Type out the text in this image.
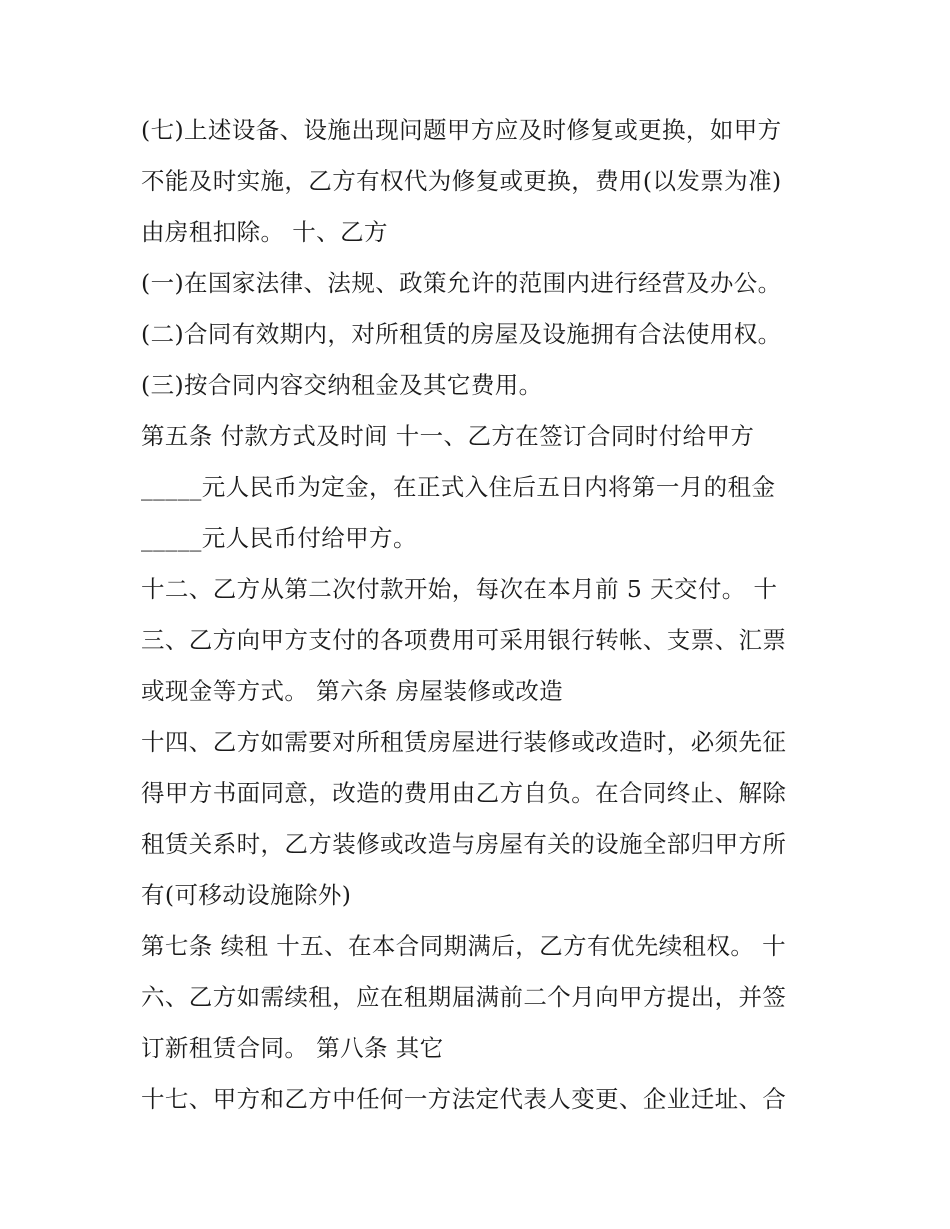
(七)上述设备、设施出现问题甲方应及时修复或更换，如甲方
不能及时实施，乙方有权代为修复或更换，费用(以发票为准)
由房租扣除。 十、乙方
(一)在国家法律、法规、政策允许的范围内进行经营及办公。
(二)合同有效期内，对所租赁的房屋及设施拥有合法使用权。
(三)按合同内容交纳租金及其它费用。
第五条 付款方式及时间 十一、乙方在签订合同时付给甲方
_____元人民币为定金，在正式入住后五日内将第一月的租金
_____元人民币付给甲方。
十二、乙方从第二次付款开始，每次在本月前 5 天交付。 十
三、乙方向甲方支付的各项费用可采用银行转帐、支票、汇票
或现金等方式。 第六条 房屋装修或改造
十四、乙方如需要对所租赁房屋进行装修或改造时，必须先征
得甲方书面同意，改造的费用由乙方自负。在合同终止、解除
租赁关系时，乙方装修或改造与房屋有关的设施全部归甲方所
有(可移动设施除外)
第七条 续租 十五、在本合同期满后，乙方有优先续租权。 十
六、乙方如需续租，应在租期届满前二个月向甲方提出，并签
订新租赁合同。 第八条 其它
十七、甲方和乙方中任何一方法定代表人变更、企业迁址、合
